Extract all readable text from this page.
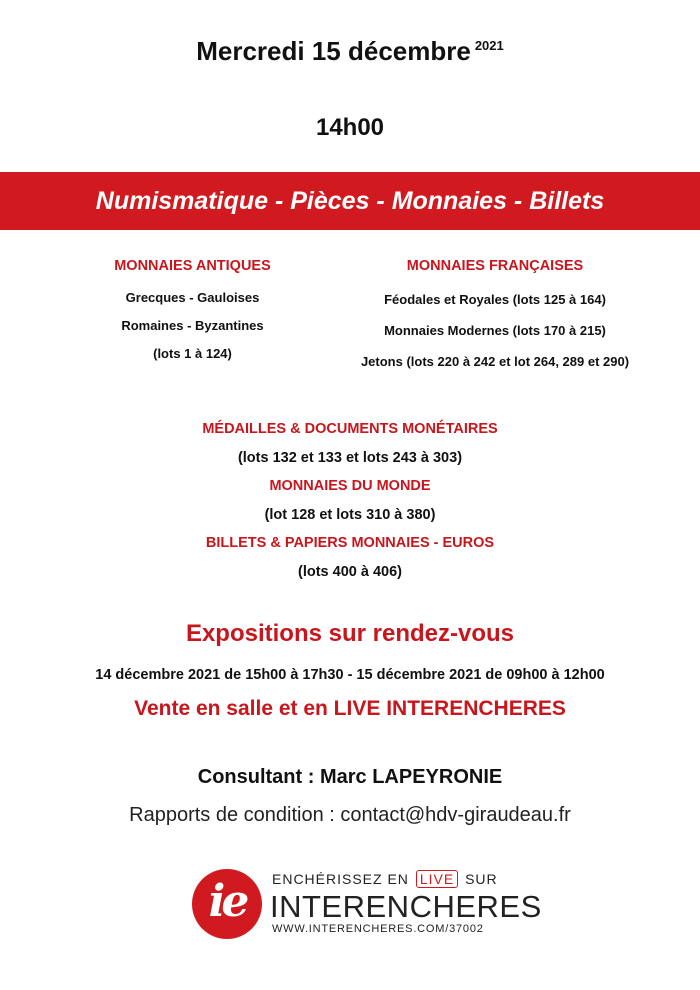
Mercredi 15 décembre $^{2021}$
14h00
Numismatique - Pièces - Monnaies - Billets
MONNAIES ANTIQUES
Grecques - Gauloises
Romaines - Byzantines
(lots 1 à 124)
MONNAIES FRANÇAISES
Féodales et Royales (lots 125 à 164)
Monnaies Modernes (lots 170 à 215)
Jetons (lots 220 à 242 et lot 264, 289 et 290)
MÉDAILLES & DOCUMENTS MONÉTAIRES
(lots 132 et 133 et lots 243 à 303)
MONNAIES DU MONDE
(lot 128 et lots 310 à 380)
BILLETS & PAPIERS MONNAIES - EUROS
(lots 400 à 406)
Expositions sur rendez-vous
14 décembre 2021 de 15h00 à 17h30 - 15 décembre 2021 de 09h00 à 12h00
Vente en salle et en LIVE INTERENCHERES
Consultant : Marc LAPEYRONIE
Rapports de condition : contact@hdv-giraudeau.fr
ie	ENCHÉRISSEZ EN LIVE SUR
INTERENCHERES
WWW.INTERENCHERES.COM/37002
